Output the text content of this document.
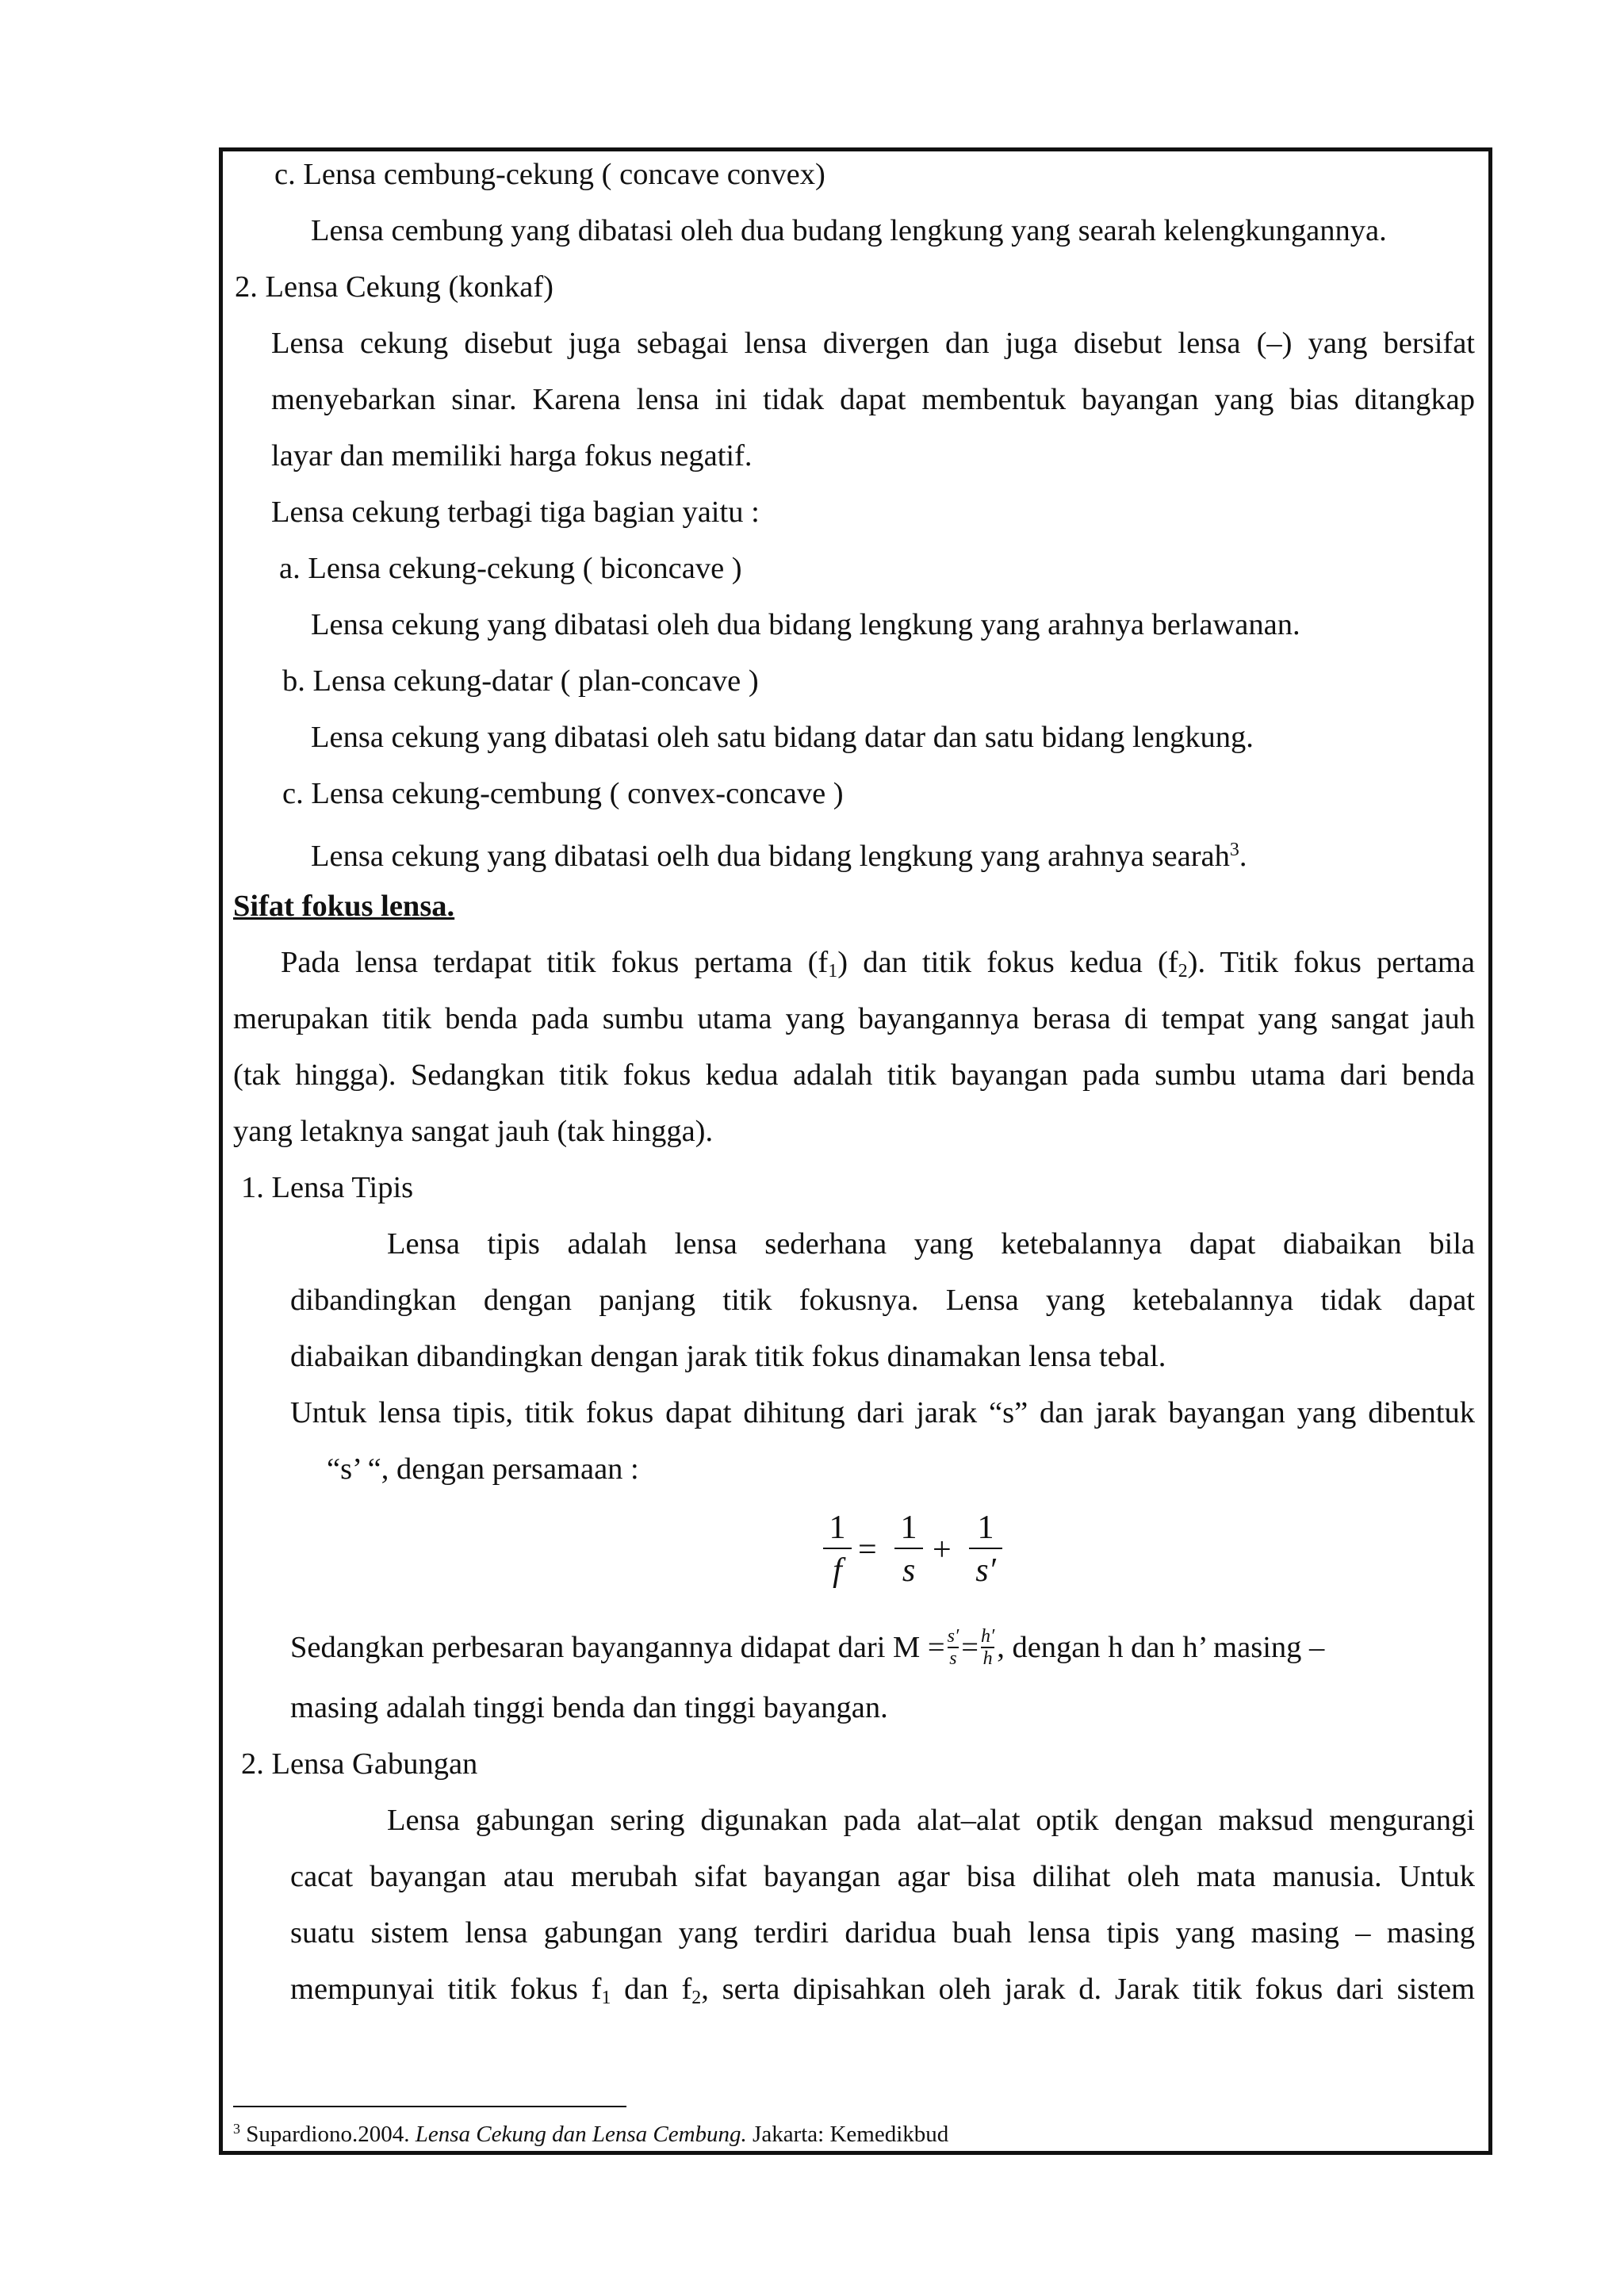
c. Lensa cembung-cekung ( concave convex)
Lensa cembung yang dibatasi oleh dua budang lengkung yang searah kelengkungannya.
2. Lensa Cekung (konkaf)
Lensa cekung disebut juga sebagai lensa divergen dan juga disebut lensa (–) yang bersifat
menyebarkan sinar. Karena lensa ini tidak dapat membentuk bayangan yang bias ditangkap
layar dan memiliki harga fokus negatif.
Lensa cekung terbagi tiga bagian yaitu :
a. Lensa cekung-cekung ( biconcave )
Lensa cekung yang dibatasi oleh dua bidang lengkung yang arahnya berlawanan.
b. Lensa cekung-datar ( plan-concave )
Lensa cekung yang dibatasi oleh satu bidang datar dan satu bidang lengkung.
c. Lensa cekung-cembung ( convex-concave )
Lensa cekung yang dibatasi oelh dua bidang lengkung yang arahnya searah$^3$.
Sifat fokus lensa.
Pada lensa terdapat titik fokus pertama $(f_1)$ dan titik fokus kedua $(f_2)$. Titik fokus pertama
merupakan titik benda pada sumbu utama yang bayangannya berasa di tempat yang sangat jauh
(tak hingga). Sedangkan titik fokus kedua adalah titik bayangan pada sumbu utama dari benda
yang letaknya sangat jauh (tak hingga).
1. Lensa Tipis
Lensa tipis adalah lensa sederhana yang ketebalannya dapat diabaikan bila
dibandingkan dengan panjang titik fokusnya. Lensa yang ketebalannya tidak dapat
diabaikan dibandingkan dengan jarak titik fokus dinamakan lensa tebal.
Untuk lensa tipis, titik fokus dapat dihitung dari jarak “s” dan jarak bayangan yang dibentuk
“s’ “, dengan persamaan :
1
f
=
1
s
+
1
s′
Sedangkan perbesaran bayangannya didapat dari $M = \frac{s'}{s} = \frac{h'}{h}$ , dengan h dan h’ masing –
masing adalah tinggi benda dan tinggi bayangan.
2. Lensa Gabungan
Lensa gabungan sering digunakan pada alat–alat optik dengan maksud mengurangi
cacat bayangan atau merubah sifat bayangan agar bisa dilihat oleh mata manusia. Untuk
suatu sistem lensa gabungan yang terdiri daridua buah lensa tipis yang masing – masing
mempunyai titik fokus $f_1$ dan $f_2$, serta dipisahkan oleh jarak d. Jarak titik fokus dari sistem
$^3$ Supardiono.2004. Lensa Cekung dan Lensa Cembung. Jakarta: Kemedikbud
